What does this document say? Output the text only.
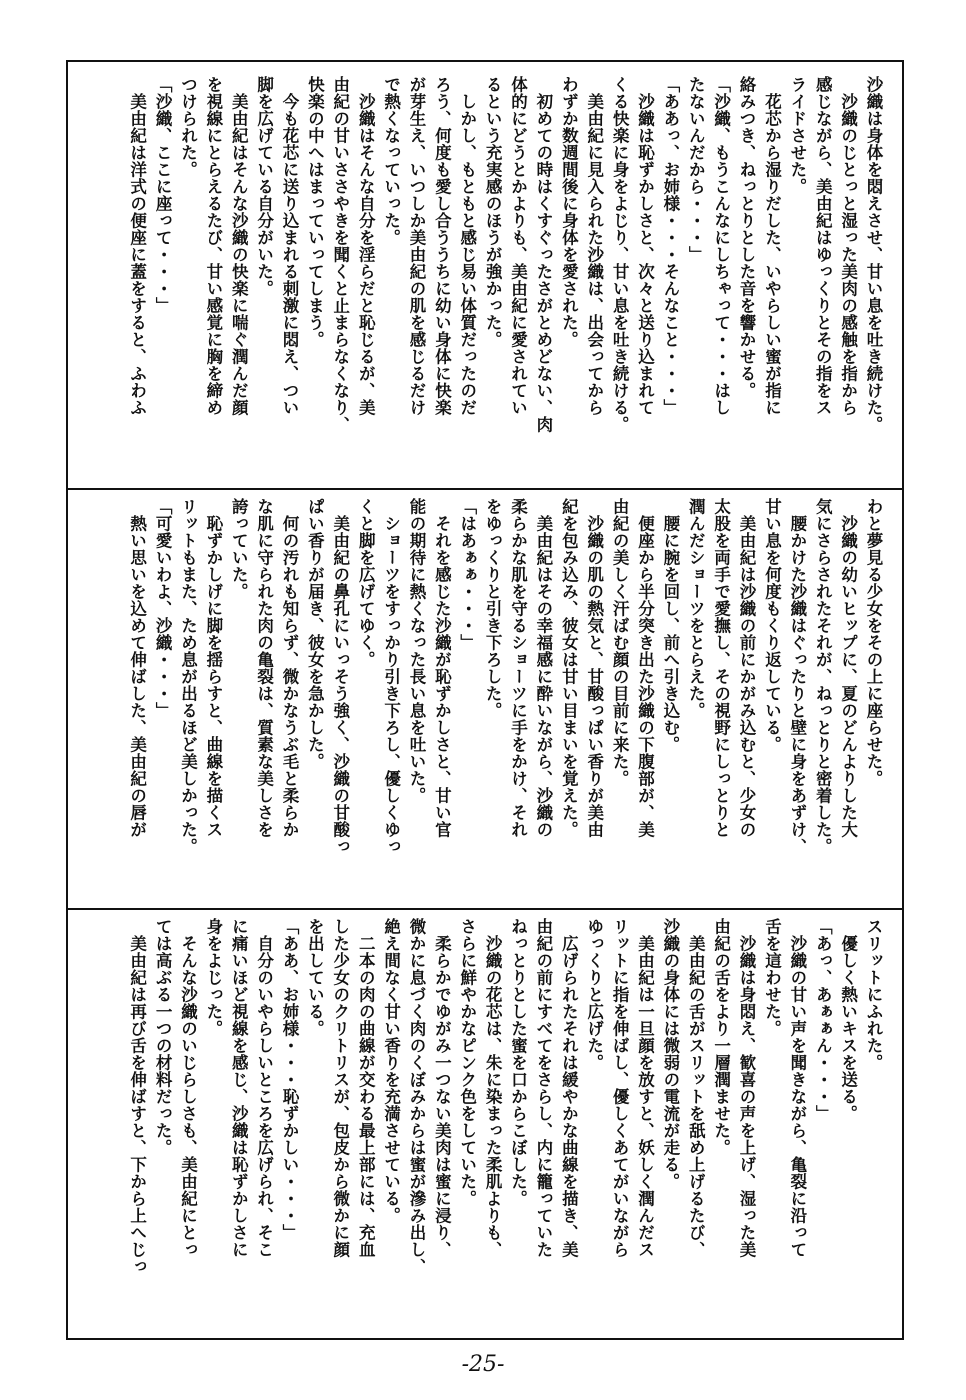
沙織は身体を悶えさせ、甘い息を吐き続けた。
　沙織のじとっと湿った美肉の感触を指から
感じながら、美由紀はゆっくりとその指をス
ライドさせた。
　花芯から湿りだした、いやらしい蜜が指に
絡みつき、ねっとりとした音を響かせる。
「沙織、もうこんなにしちゃって・・・はし
たないんだから・・・」
「ああっ、お姉様・・・そんなこと・・・」
　沙織は恥ずかしさと、次々と送り込まれて
くる快楽に身をよじり、甘い息を吐き続ける。
　美由紀に見入られた沙織は、出会ってから
わずか数週間後に身体を愛された。
　初めての時はくすぐったさがとめどない、肉
体的にどうとかよりも、美由紀に愛されてい
るという充実感のほうが強かった。
　しかし、もともと感じ易い体質だったのだ
ろう、何度も愛し合ううちに幼い身体に快楽
が芽生え、いつしか美由紀の肌を感じるだけ
で熱くなっていった。
　沙織はそんな自分を淫らだと恥じるが、美
由紀の甘いささやきを聞くと止まらなくなり、
快楽の中へはまっていってしまう。
　今も花芯に送り込まれる刺激に悶え、つい
脚を広げている自分がいた。
　美由紀はそんな沙織の快楽に喘ぐ潤んだ顔
を視線にとらえるたび、甘い感覚に胸を締め
つけられた。
「沙織、ここに座って・・・」
　美由紀は洋式の便座に蓋をすると、ふわふ
わと夢見る少女をその上に座らせた。
　沙織の幼いヒップに、夏のどんよりした大
気にさらされたそれが、ねっとりと密着した。
　腰かけた沙織はぐったりと壁に身をあずけ、
甘い息を何度もくり返している。
　美由紀は沙織の前にかがみ込むと、少女の
太股を両手で愛撫し、その視野にしっとりと
潤んだショーツをとらえた。
　腰に腕を回し、前へ引き込む。
　便座から半分突き出た沙織の下腹部が、美
由紀の美しく汗ばむ顔の目前に来た。
　沙織の肌の熱気と、甘酸っぱい香りが美由
紀を包み込み、彼女は甘い目まいを覚えた。
　美由紀はその幸福感に酔いながら、沙織の
柔らかな肌を守るショーツに手をかけ、それ
をゆっくりと引き下ろした。
「はあぁぁ・・・」
　それを感じた沙織が恥ずかしさと、甘い官
能の期待に熱くなった長い息を吐いた。
　ショーツをすっかり引き下ろし、優しくゆっ
くと脚を広げてゆく。
　美由紀の鼻孔にいっそう強く、沙織の甘酸っ
ぱい香りが届き、彼女を急かした。
　何の汚れも知らず、微かなうぶ毛と柔らか
な肌に守られた肉の亀裂は、質素な美しさを
誇っていた。
　恥ずかしげに脚を揺らすと、曲線を描くス
リットもまた、ため息が出るほど美しかった。
「可愛いわよ、沙織・・・」
　熱い思いを込めて伸ばした、美由紀の唇が
スリットにふれた。
　優しく熱いキスを送る。
「あっ、あぁぁん・・・」
　沙織の甘い声を聞きながら、亀裂に沿って
舌を這わせた。
　沙織は身悶え、歓喜の声を上げ、湿った美
由紀の舌をより一層潤ませた。
　美由紀の舌がスリットを舐め上げるたび、
沙織の身体には微弱の電流が走る。
　美由紀は一旦顔を放すと、妖しく潤んだス
リットに指を伸ばし、優しくあてがいながら
ゆっくりと広げた。
　広げられたそれは緩やかな曲線を描き、美
由紀の前にすべてをさらし、内に籠っていた
ねっとりとした蜜を口からこぼした。
　沙織の花芯は、朱に染まった柔肌よりも、
さらに鮮やかなピンク色をしていた。
　柔らかでゆがみ一つない美肉は蜜に浸り、
微かに息づく肉のくぼみからは蜜が滲み出し、
絶え間なく甘い香りを充満させている。
　二本の肉の曲線が交わる最上部には、充血
した少女のクリトリスが、包皮から微かに顔
を出している。
「ああ、お姉様・・・恥ずかしい・・・」
　自分のいやらしいところを広げられ、そこ
に痛いほど視線を感じ、沙織は恥ずかしさに
身をよじった。
　そんな沙織のいじらしさも、美由紀にとっ
ては高ぶる一つの材料だった。
　美由紀は再び舌を伸ばすと、下から上へじっ
-25-
